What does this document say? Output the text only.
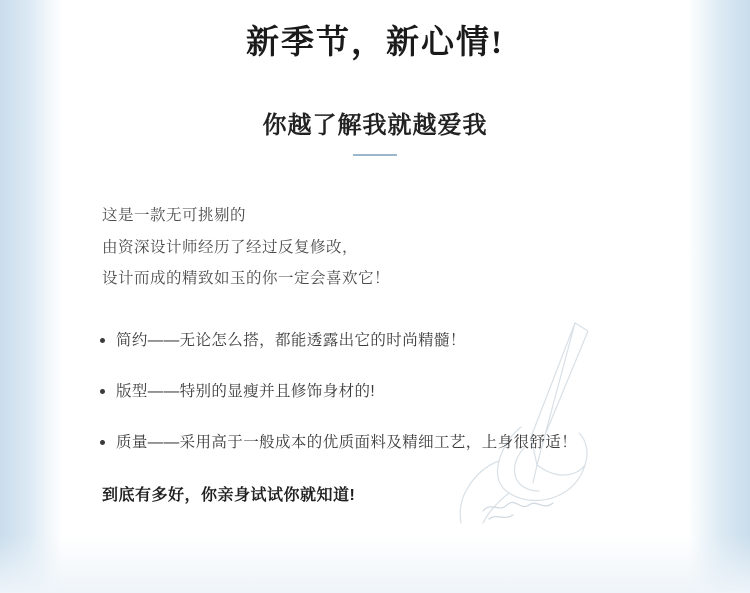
新季节，新心情!
你越了解我就越爱我
这是一款无可挑剔的
由资深设计师经历了经过反复修改，
设计而成的精致如玉的你一定会喜欢它！
简约——无论怎么搭，都能透露出它的时尚精髓！
版型——特别的显瘦并且修饰身材的!
质量——采用高于一般成本的优质面料及精细工艺，上身很舒适！
到底有多好，你亲身试试你就知道!
